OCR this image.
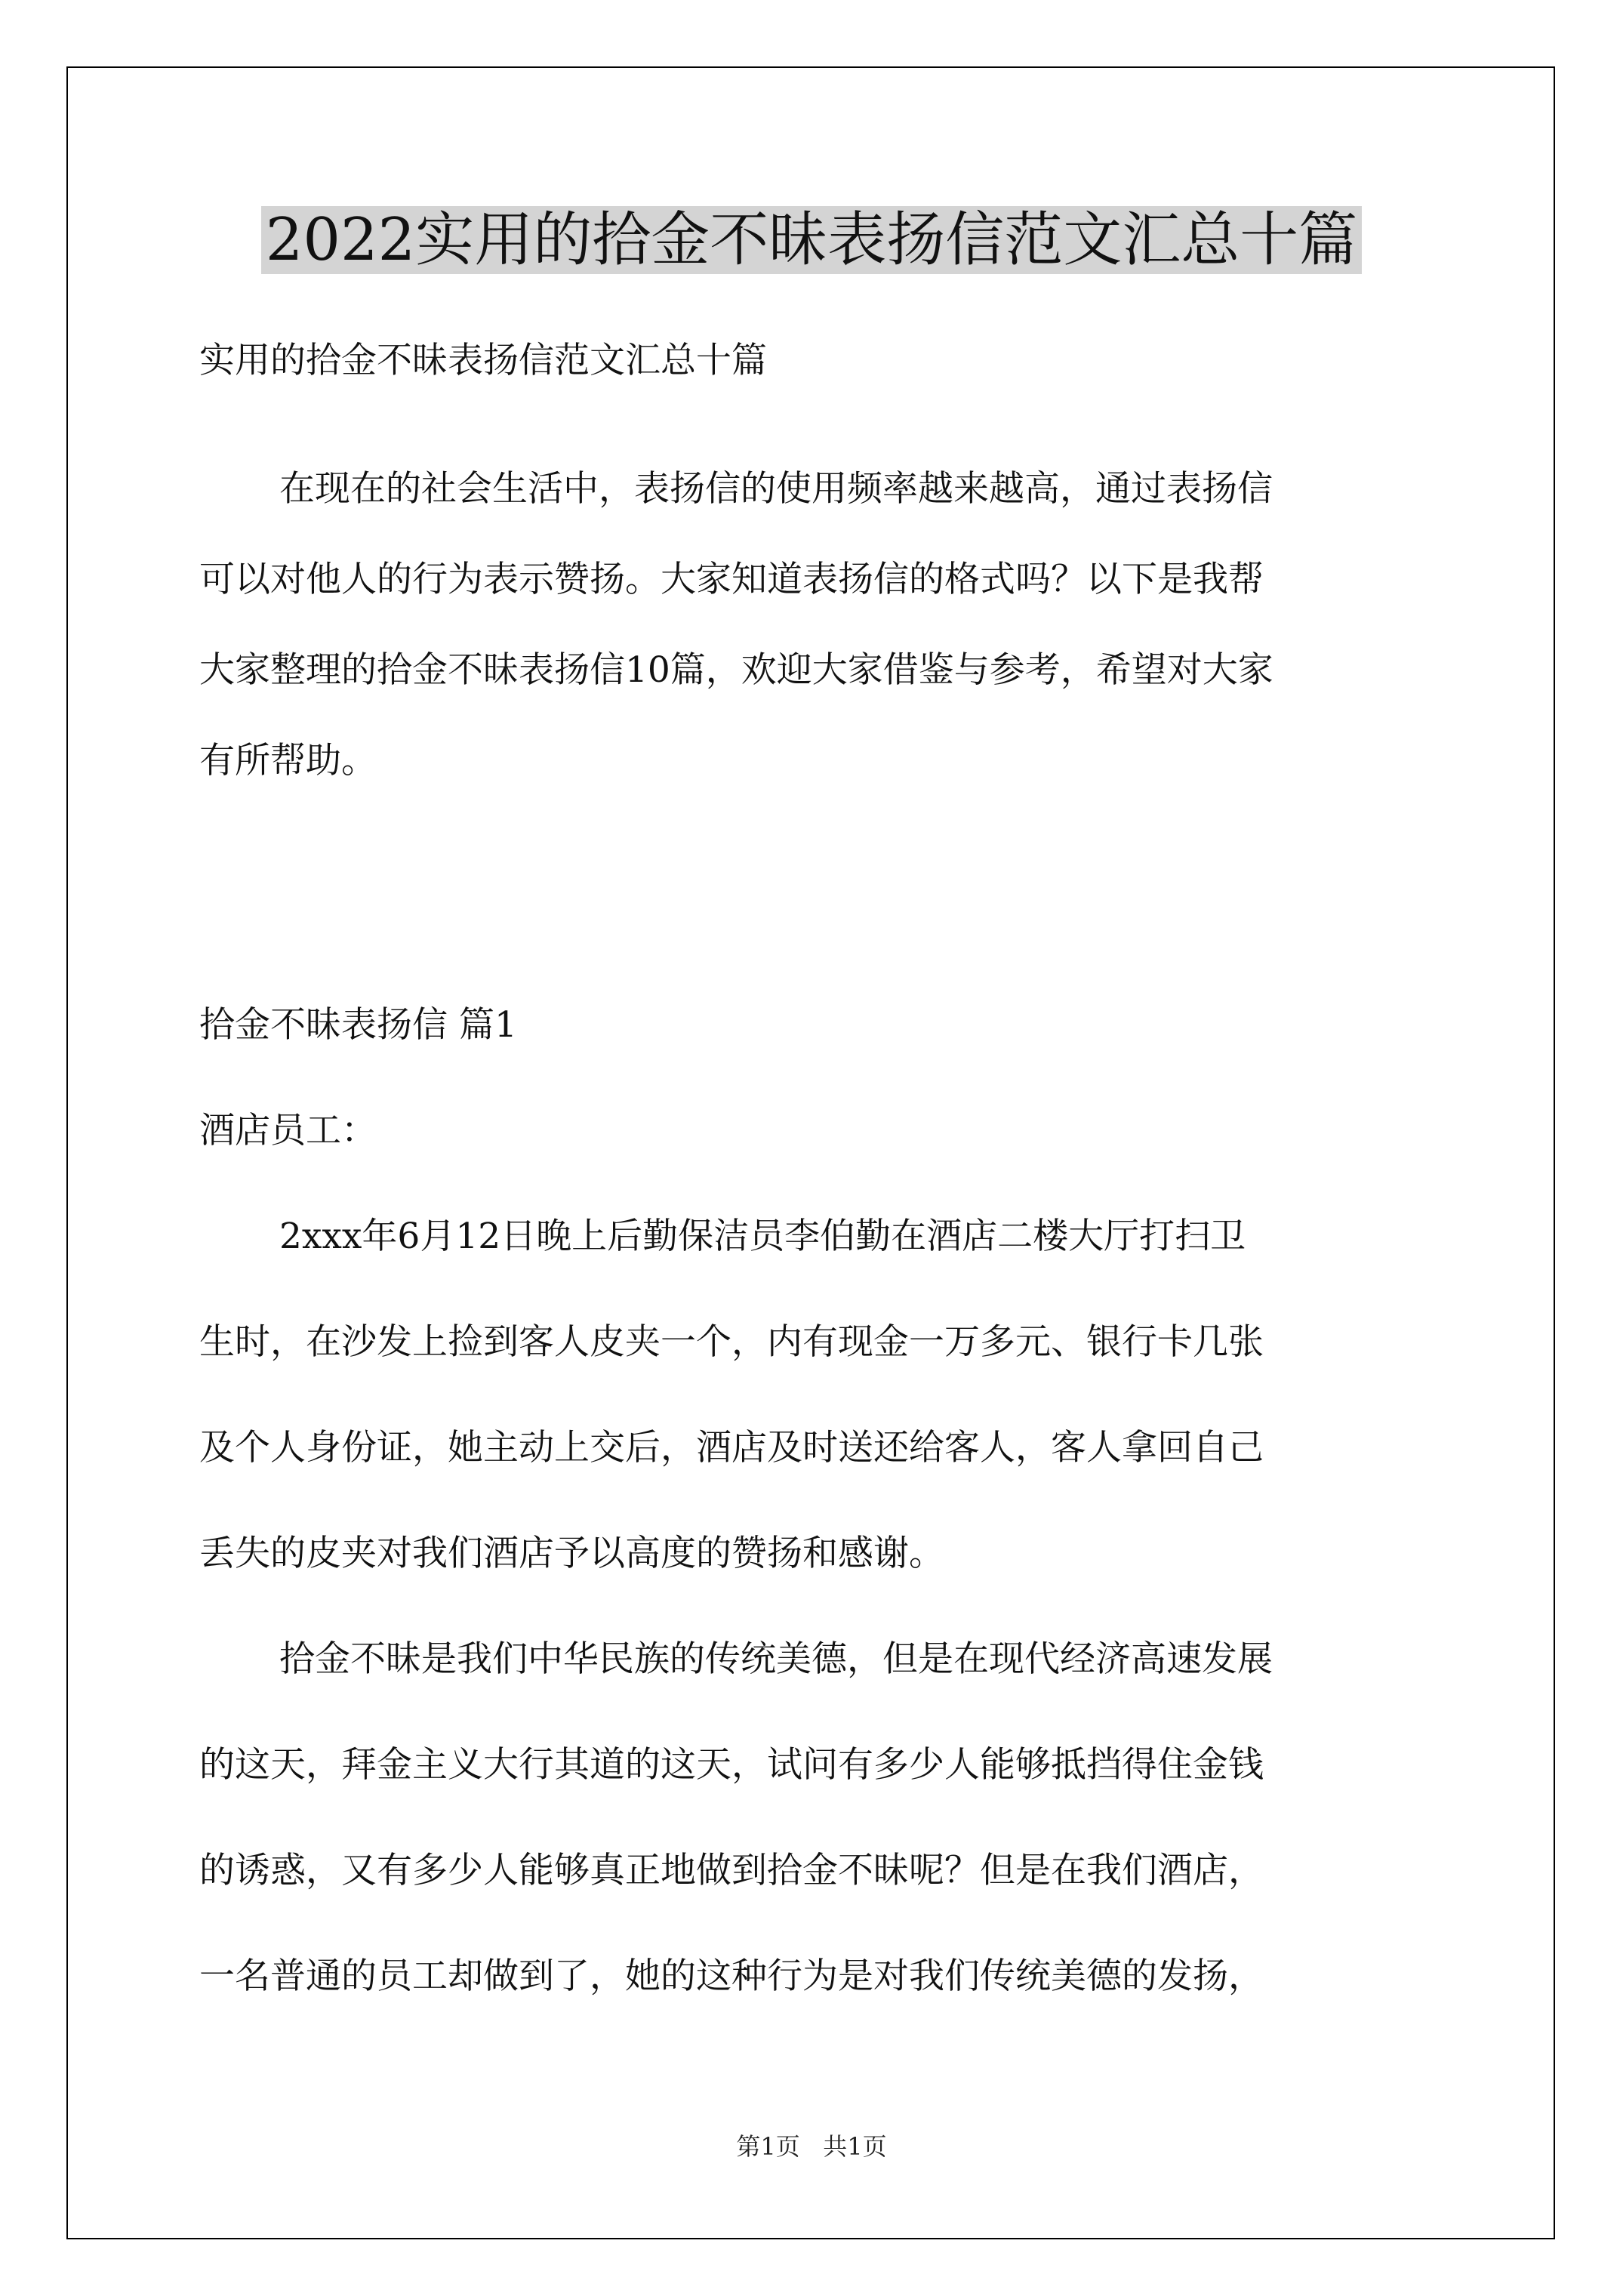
2022实用的拾金不昧表扬信范文汇总十篇

实用的拾金不昧表扬信范文汇总十篇

在现在的社会生活中，表扬信的使用频率越来越高，通过表扬信

可以对他人的行为表示赞扬。大家知道表扬信的格式吗？以下是我帮

大家整理的拾金不昧表扬信10篇，欢迎大家借鉴与参考，希望对大家

有所帮助。

拾金不昧表扬信 篇1

酒店员工：

2xxx年6月12日晚上后勤保洁员李伯勤在酒店二楼大厅打扫卫

生时，在沙发上捡到客人皮夹一个，内有现金一万多元、银行卡几张

及个人身份证，她主动上交后，酒店及时送还给客人，客人拿回自己

丢失的皮夹对我们酒店予以高度的赞扬和感谢。

拾金不昧是我们中华民族的传统美德，但是在现代经济高速发展

的这天，拜金主义大行其道的这天，试问有多少人能够抵挡得住金钱

的诱惑，又有多少人能够真正地做到拾金不昧呢？但是在我们酒店，

一名普通的员工却做到了，她的这种行为是对我们传统美德的发扬，

第1页   共1页
